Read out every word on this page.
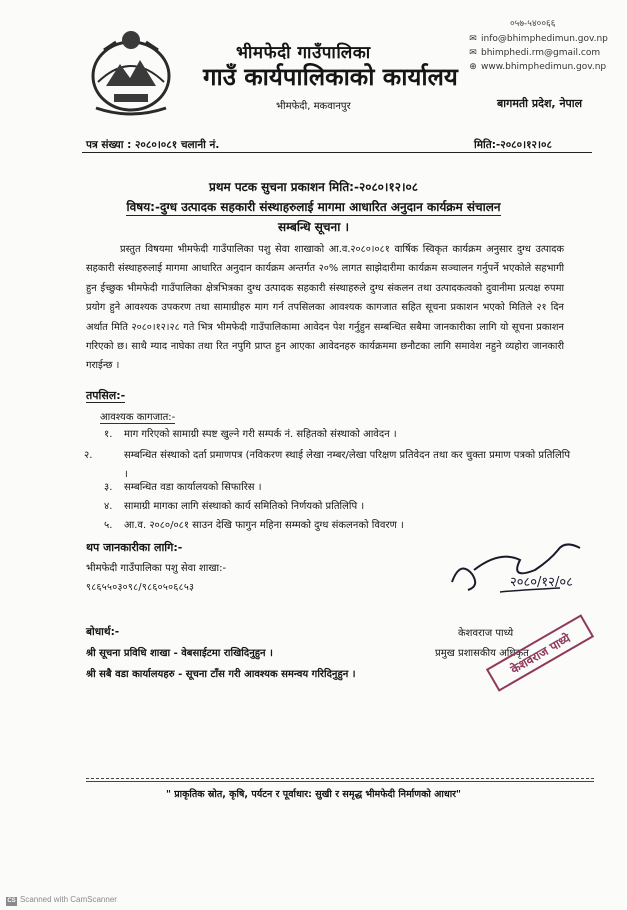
०५७-५४००६६
भीमफेदी गाउँपालिका
गाउँ कार्यपालिकाको कार्यालय
भीमफेदी, मकवानपुर
✉ info@bhimphedimun.gov.np
✉ bhimphedi.rm@gmail.com
⊕ www.bhimphedimun.gov.np
बागमती प्रदेश, नेपाल
पत्र संख्या : २०८०।०८१ चलानी नं.	मिति:-२०८०।१२।०८
प्रथम पटक सुचना प्रकाशन मिति:-२०८०।१२।०८
विषय:-दुग्ध उत्पादक सहकारी संस्थाहरुलाई मागमा आधारित अनुदान कार्यक्रम संचालन
सम्बन्धि सूचना ।
प्रस्तुत विषयमा भीमफेदी गाउँपालिका पशु सेवा शाखाको आ.व.२०८०।०८१ वार्षिक स्विकृत कार्यक्रम अनुसार दुग्ध उत्पादक सहकारी संस्थाहरुलाई मागमा आधारित अनुदान कार्यक्रम अन्तर्गत २०% लागत साझेदारीमा कार्यक्रम सञ्चालन गर्नुपर्ने भएकोले सहभागी हुन ईच्छुक भीमफेदी गाउँपालिका क्षेत्रभित्रका दुग्ध उत्पादक सहकारी संस्थाहरुले दुग्ध संकलन तथा उत्पादकत्वको दुवानीमा प्रत्यक्ष रुपमा प्रयोग हुने आवश्यक उपकरण तथा सामाग्रीहरु माग गर्न तपसिलका आवश्यक कागजात सहित सूचना प्रकाशन भएको मितिले २१ दिन अर्थात मिति २०८०।१२।२८ गते भित्र भीमफेदी गाउँपालिकामा आवेदन पेश गर्नुहुन सम्बन्धित सबैमा जानकारीका लागि यो सूचना प्रकाशन गरिएको छ। साथै म्याद नाघेका तथा रित नपुगि प्राप्त हुन आएका आवेदनहरु कार्यक्रममा छनौटका लागि समावेश नहुने व्यहोरा जानकारी गराईन्छ ।
तपसिल:-
आवश्यक कागजात:-
१. माग गरिएको सामाग्री स्पष्ट खुल्ने गरी सम्पर्क नं. सहितको संस्थाको आवेदन ।
२.	सम्बन्धित संस्थाको दर्ता प्रमाणपत्र (नविकरण स्थाई लेखा नम्बर/लेखा परिक्षण प्रतिवेदन तथा कर चुक्ता प्रमाण पत्रको प्रतिलिपि ।
३. सम्बन्धित वडा कार्यालयको सिफारिस ।
४. सामाग्री मागका लागि संस्थाको कार्य समितिको निर्णयको प्रतिलिपि ।
५. आ.व. २०८०/०८१ साउन देखि फागुन महिना सम्मको दुग्ध संकलनको विवरण ।
थप जानकारीका लागि:-
भीमफेदी गाउँपालिका पशु सेवा शाखा:-
९८६५५०३०९८/९८६०५०६८५३
बोधार्थ:-
श्री सूचना प्रविधि शाखा - वेबसाईटमा राखिदिनुहुन ।
श्री सबै वडा कार्यालयहरु - सूचना टाँस गरी आवश्यक समन्वय गरिदिनुहुन ।
२०८०/१२/०८
केशवराज पाध्ये
प्रमुख प्रशासकीय अधिकृत
केशवराज पाध्ये
" प्राकृतिक स्रोत, कृषि, पर्यटन र पूर्वाधार: सुखी र समृद्ध भीमफेदी निर्माणको आधार"
CS Scanned with CamScanner
